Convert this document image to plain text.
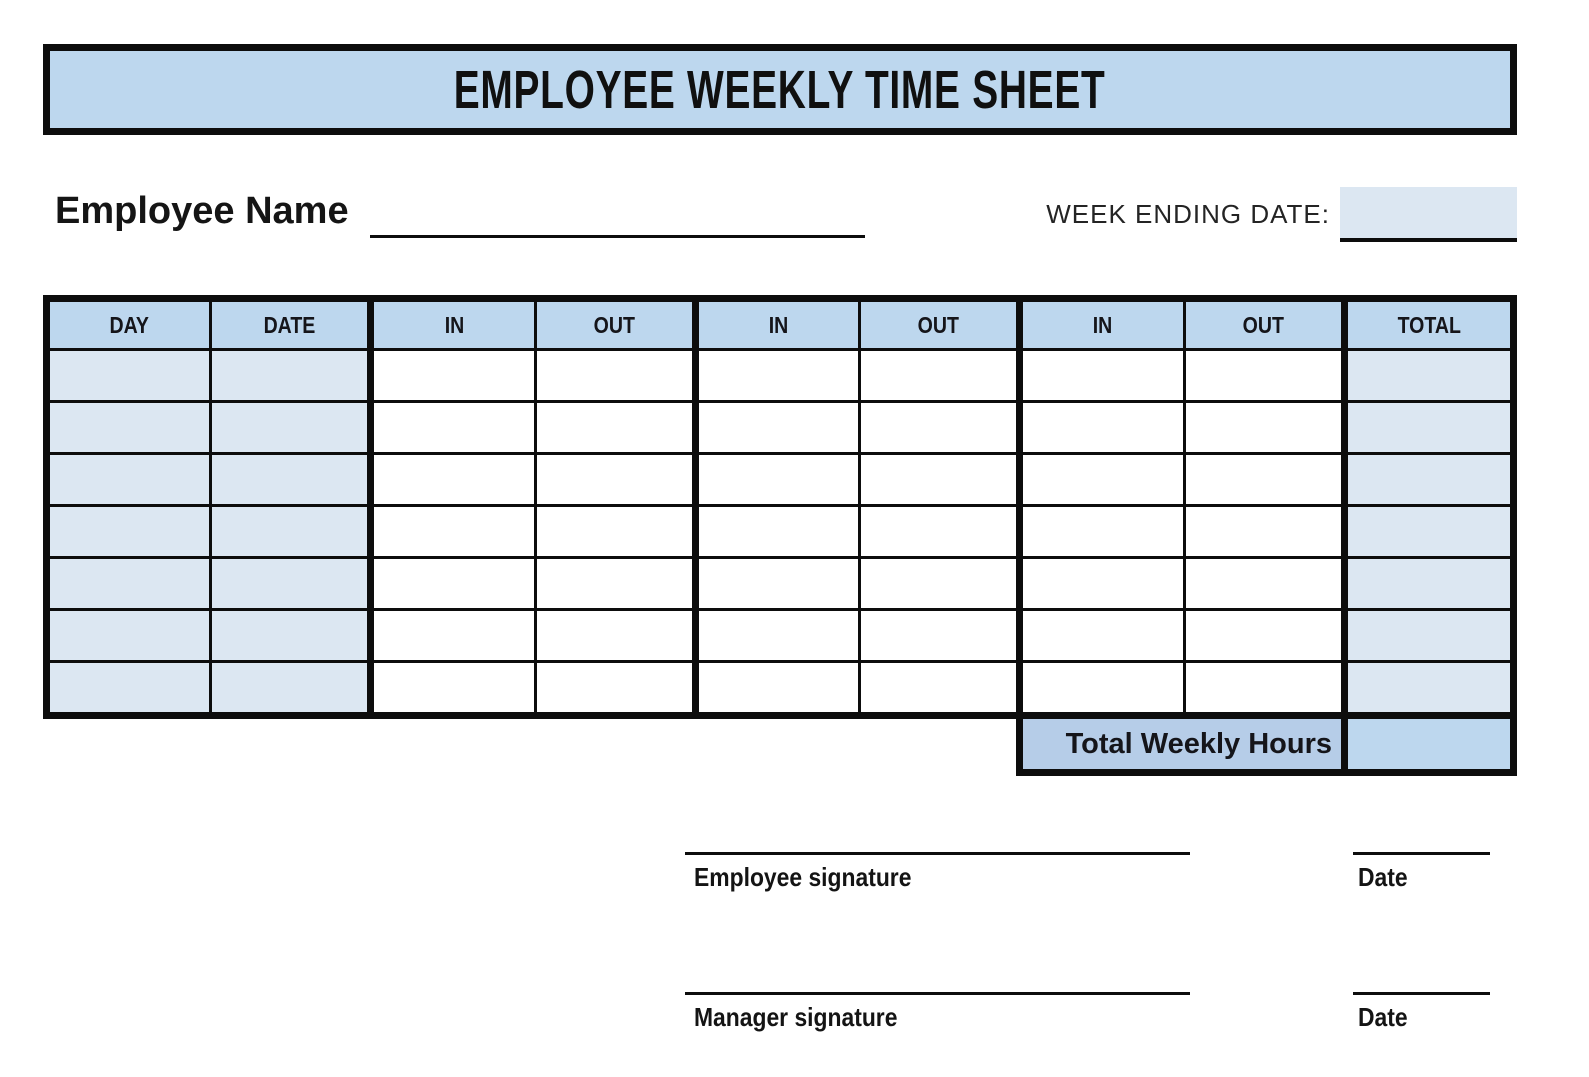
EMPLOYEE WEEKLY TIME SHEET
Employee Name	WEEK ENDING DATE:
DAY	DATE	IN	OUT	IN	OUT	IN	OUT	TOTAL
Total Weekly Hours
Employee signature	Date
Manager signature	Date
